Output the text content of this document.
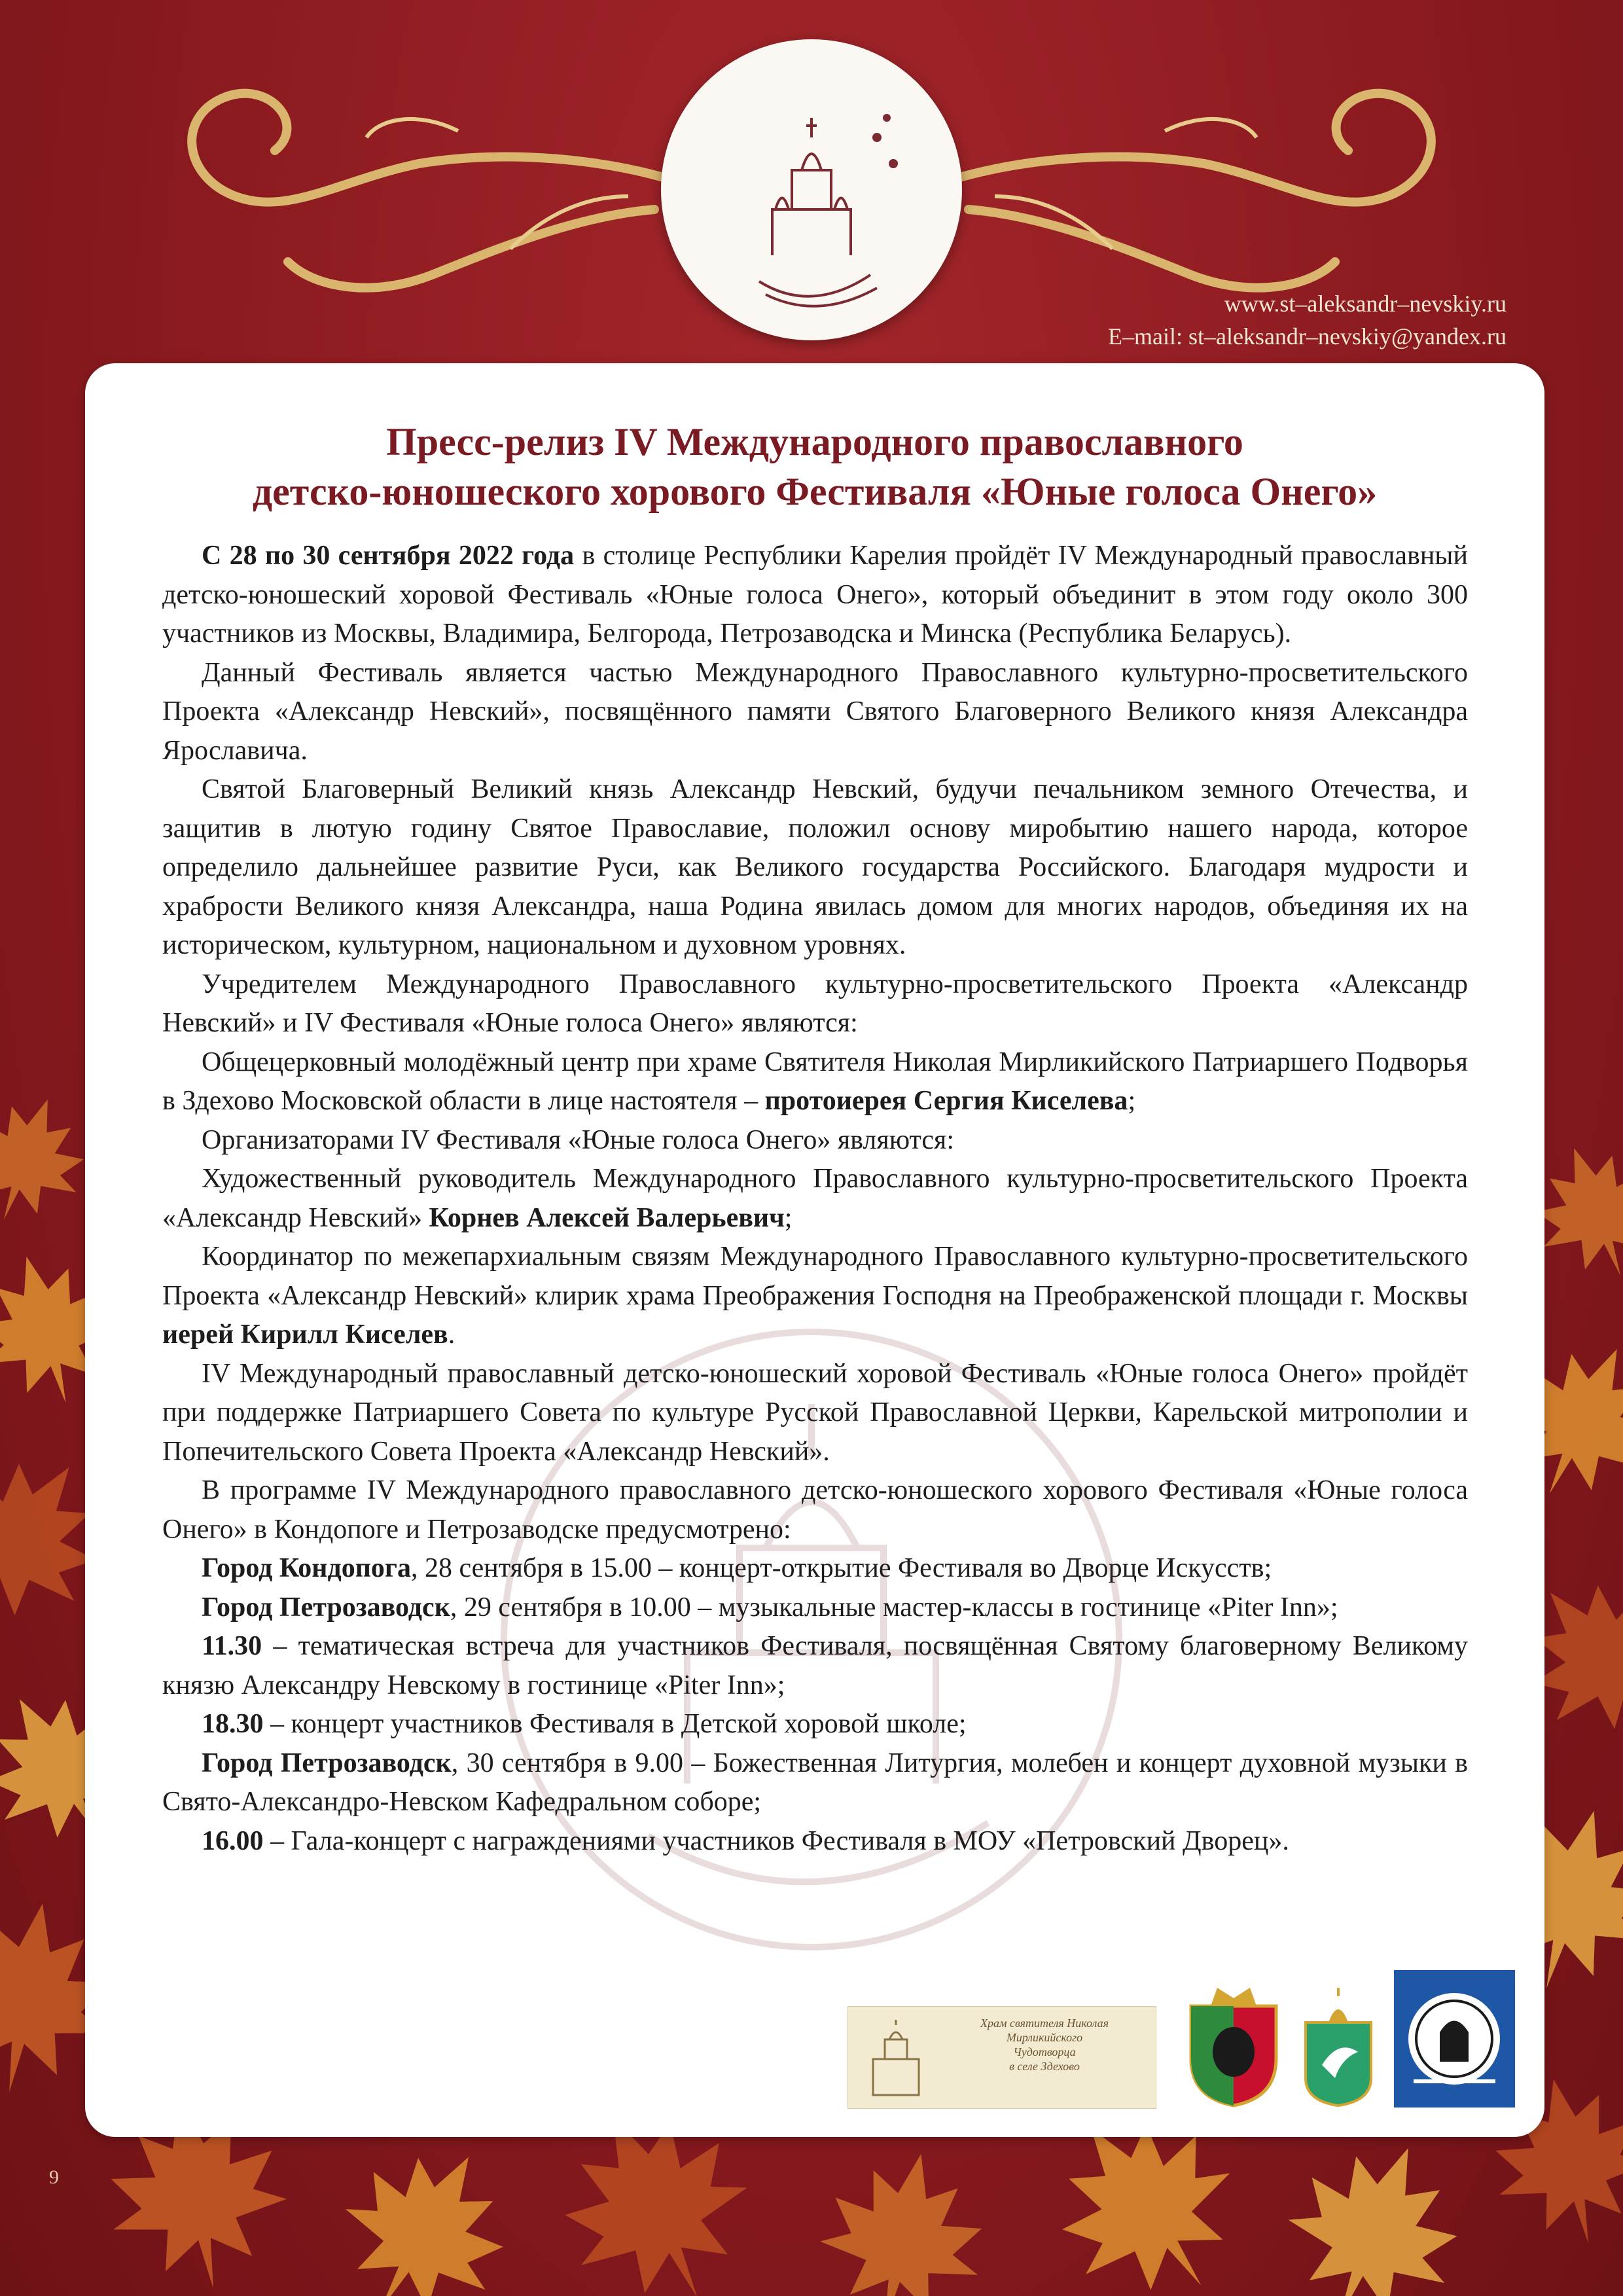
www.st–aleksandr–nevskiy.ru
E–mail: st–aleksandr–nevskiy@yandex.ru
Пресс-релиз IV Международного православного
детско-юношеского хорового Фестиваля «Юные голоса Онего»

С 28 по 30 сентября 2022 года в столице Республики Карелия пройдёт IV Международный православный детско-юношеский хоровой Фестиваль «Юные голоса Онего», который объединит в этом году около 300 участников из Москвы, Владимира, Белгорода, Петрозаводска и Минска (Республика Беларусь).

Данный Фестиваль является частью Международного Православного культурно-просветительского Проекта «Александр Невский», посвящённого памяти Святого Благоверного Великого князя Александра Ярославича.

Святой Благоверный Великий князь Александр Невский, будучи печальником земного Отечества, и защитив в лютую годину Святое Православие, положил основу миробытию нашего народа, которое определило дальнейшее развитие Руси, как Великого государства Российского. Благодаря мудрости и храбрости Великого князя Александра, наша Родина явилась домом для многих народов, объединяя их на историческом, культурном, национальном и духовном уровнях.

Учредителем Международного Православного культурно-просветительского Проекта «Александр Невский» и IV Фестиваля «Юные голоса Онего» являются:

Общецерковный молодёжный центр при храме Святителя Николая Мирликийского Патриаршего Подворья в Здехово Московской области в лице настоятеля – протоиерея Сергия Киселева;

Организаторами IV Фестиваля «Юные голоса Онего» являются:

Художественный руководитель Международного Православного культурно-просветительского Проекта «Александр Невский» Корнев Алексей Валерьевич;

Координатор по межепархиальным связям Международного Православного культурно-просветительского Проекта «Александр Невский» клирик храма Преображения Господня на Преображенской площади г. Москвы иерей Кирилл Киселев.

IV Международный православный детско-юношеский хоровой Фестиваль «Юные голоса Онего» пройдёт при поддержке Патриаршего Совета по культуре Русской Православной Церкви, Карельской митрополии и Попечительского Совета Проекта «Александр Невский».

В программе IV Международного православного детско-юношеского хорового Фестиваля «Юные голоса Онего» в Кондопоге и Петрозаводске предусмотрено:

Город Кондопога, 28 сентября в 15.00 – концерт-открытие Фестиваля во Дворце Искусств;

Город Петрозаводск, 29 сентября в 10.00 – музыкальные мастер-классы в гостинице «Piter Inn»;

11.30 – тематическая встреча для участников Фестиваля, посвящённая Святому благоверному Великому князю Александру Невскому в гостинице «Piter Inn»;

18.30 – концерт участников Фестиваля в Детской хоровой школе;

Город Петрозаводск, 30 сентября в 9.00 – Божественная Литургия, молебен и концерт духовной музыки в Свято-Александро-Невском Кафедральном соборе;

16.00 – Гала-концерт с награждениями участников Фестиваля в МОУ «Петровский Дворец».

Храм святителя Николая
Мирликийского
Чудотворца
в селе Здехово
9
